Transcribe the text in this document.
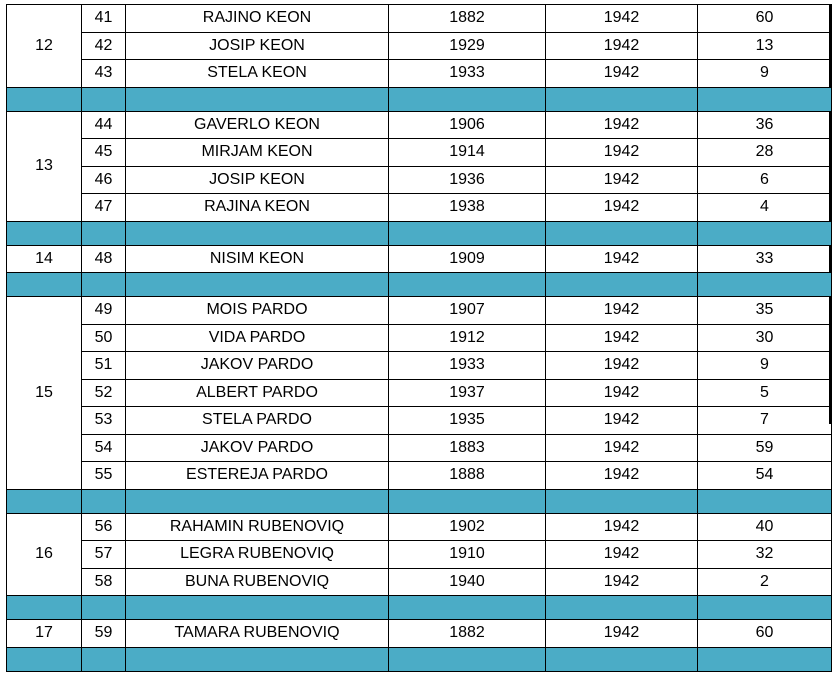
12	41	RAJINO KEON	1882	1942	60
	42	JOSIP KEON	1929	1942	13
	43	STELA KEON	1933	1942	9

13	44	GAVERLO KEON	1906	1942	36
	45	MIRJAM KEON	1914	1942	28
	46	JOSIP KEON	1936	1942	6
	47	RAJINA KEON	1938	1942	4

14	48	NISIM KEON	1909	1942	33

15	49	MOIS PARDO	1907	1942	35
	50	VIDA PARDO	1912	1942	30
	51	JAKOV PARDO	1933	1942	9
	52	ALBERT PARDO	1937	1942	5
	53	STELA PARDO	1935	1942	7
	54	JAKOV PARDO	1883	1942	59
	55	ESTEREJA PARDO	1888	1942	54

16	56	RAHAMIN RUBENOVIQ	1902	1942	40
	57	LEGRA RUBENOVIQ	1910	1942	32
	58	BUNA RUBENOVIQ	1940	1942	2

17	59	TAMARA RUBENOVIQ	1882	1942	60
